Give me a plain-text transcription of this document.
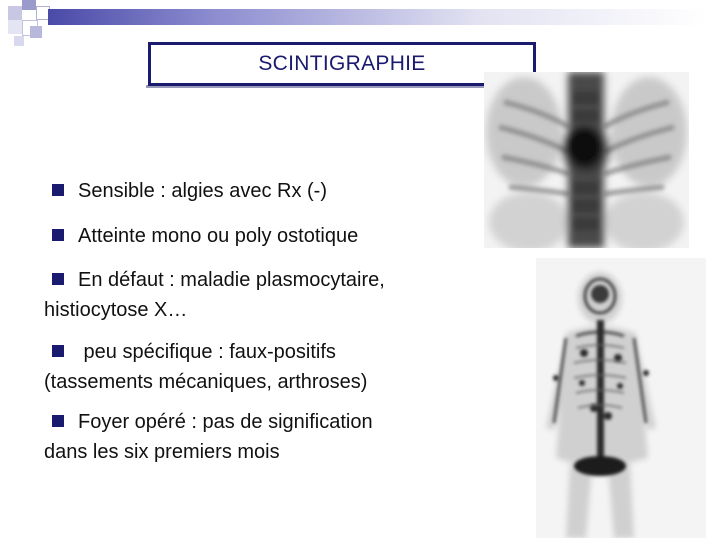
SCINTIGRAPHIE
Sensible : algies avec Rx (-)
Atteinte mono ou poly ostotique
En défaut : maladie plasmocytaire,
histiocytose X…
peu spécifique : faux-positifs
(tassements mécaniques, arthroses)
Foyer opéré : pas de signification
dans les six premiers mois
